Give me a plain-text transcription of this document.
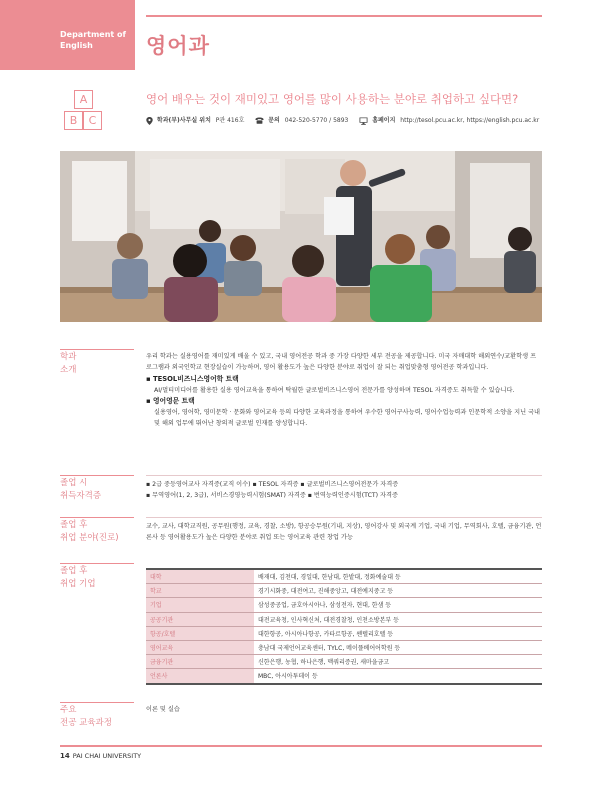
Department of
English	영어과
A
B	C
영어 배우는 것이 재미있고 영어를 많이 사용하는 분야로 취업하고 싶다면?
학과(부)사무실 위치 P관 416호	문의 042-520-5770 / 5893	홈페이지 http://tesol.pcu.ac.kr, https://english.pcu.ac.kr
학과
소개
우리 학과는 실용영어를 재미있게 배울 수 있고, 국내 영어전공 학과 중 가장 다양한 세부 전공을 제공합니다. 미국 자매대학 해외연수/교환학생 프로그램과 외국인학교 현장실습이 가능하며, 영어 활용도가 높은 다양한 분야로 취업이 잘 되는 취업맞춤형 영어전공 학과입니다.
▪ TESOL비즈니스영어학 트랙
AI/멀티미디어를 활용한 실용 영어교육을 통하여 탁월한 글로벌비즈니스영어 전문가를 양성하며 TESOL 자격증도 취득할 수 있습니다.
▪ 영어영문 트랙
실용영어, 영어학, 영미문학 · 문화와 영어교육 등의 다양한 교육과정을 통하여 우수한 영어구사능력, 영어수업능력과 인문학적 소양을 지닌 국내 및 해외 업무에 뛰어난 창의적 글로벌 인재를 양성합니다.
졸업 시
취득자격증
▪ 2급 중등영어교사 자격증(교직 이수) ▪ TESOL 자격증 ▪ 글로벌비즈니스영어전문가 자격증
▪ 무역영어(1, 2, 3급), 서비스경영능력시험(SMAT) 자격증 ▪ 번역능력인증시험(TCT) 자격증
졸업 후
취업 분야(진로)
교수, 교사, 대학교직원, 공무원(행정, 교육, 경찰, 소방), 항공승무원(기내, 지상), 영어강사 및 외국계 기업, 국내 기업, 무역회사, 호텔, 금융기관, 언론사 등 영어활용도가 높은 다양한 분야로 취업 또는 영어교육 관련 창업 가능
졸업 후
취업 기업
대학	배재대, 김천대, 경일대, 한남대, 한밭대, 정화예술대 등
학교	경기시화중, 대전여고, 진해중앙고, 대전예지중고 등
기업	삼성중공업, 금호아시아나, 삼성전자, 현대, 한샘 등
공공기관	대전교육청, 인사혁신처, 대전경찰청, 인천소방본부 등
항공/호텔	대한항공, 아시아나항공, 카타르항공, 쎈텔리호텔 등
영어교육	충남대 국제언어교육센터, TYLC, 메이플베어어학원 등
금융기관	신한은행, 농협, 하나은행, 맥쿼리증권, 새마을금고
언론사	MBC, 아시아투데이 등
주요
전공 교육과정
이론 및 실습
14 PAI CHAI UNIVERSITY
